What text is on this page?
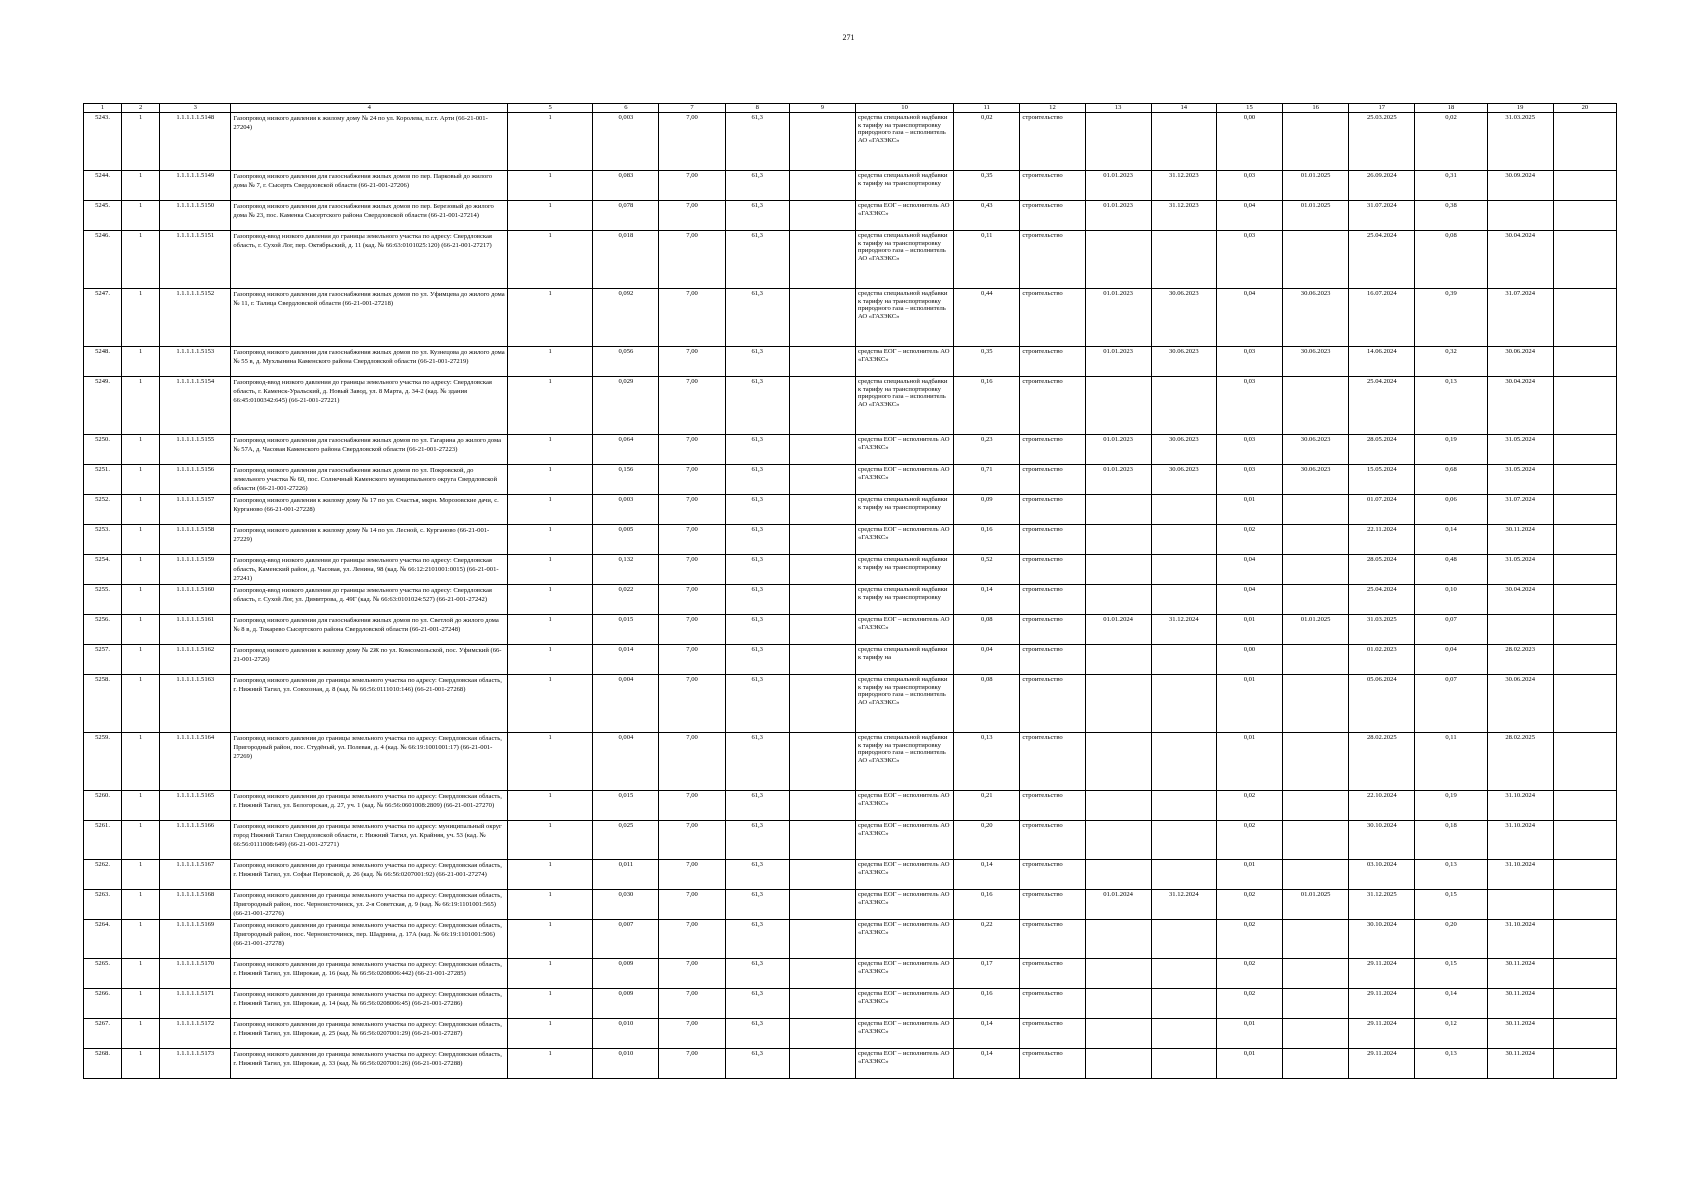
271
1	2	3	4	5	6	7	8	9	10	11	12	13	14	15	16	17	18	19	20
5243.	1	1.1.1.1.1.5148	Газопровод низкого давления к жилому дому № 24 по ул. Королева, п.г.т. Арти (66-21-001-27204)	1	0,003	7,00	61,3		средства специальной надбавки к тарифу на транспортировку природного газа – исполнитель АО «ГАЗЭКС»	0,02	строительство			0,00		25.03.2025	0,02	31.03.2025	
5244.	1	1.1.1.1.1.5149	Газопровод низкого давления для газоснабжения жилых домов по пер. Парковый до жилого дома № 7, г. Сысерть Свердловской области (66-21-001-27206)	1	0,083	7,00	61,3		средства специальной надбавки к тарифу на транспортировку	0,35	строительство	01.01.2023	31.12.2023	0,03	01.01.2025	26.09.2024	0,31	30.09.2024	
5245.	1	1.1.1.1.1.5150	Газопровод низкого давления для газоснабжения жилых домов по пер. Березовый до жилого дома № 23, пос. Каменка Сысертского района Свердловской области (66-21-001-27214)	1	0,078	7,00	61,3		средства ЕОГ – исполнитель АО «ГАЗЭКС»	0,43	строительство	01.01.2023	31.12.2023	0,04	01.01.2025	31.07.2024	0,38		
5246.	1	1.1.1.1.1.5151	Газопровод-ввод низкого давления до границы земельного участка по адресу: Свердловская область, г. Сухой Лог, пер. Октябрьский, д. 11 (кад. № 66:63:0101025:120) (66-21-001-27217)	1	0,018	7,00	61,3		средства специальной надбавки к тарифу на транспортировку природного газа – исполнитель АО «ГАЗЭКС»	0,11	строительство			0,03		25.04.2024	0,08	30.04.2024	
5247.	1	1.1.1.1.1.5152	Газопровод низкого давления для газоснабжения жилых домов по ул. Уфимцева до жилого дома № 11, г. Талица Свердловской области (66-21-001-27218)	1	0,092	7,00	61,3		средства специальной надбавки к тарифу на транспортировку природного газа – исполнитель АО «ГАЗЭКС»	0,44	строительство	01.01.2023	30.06.2023	0,04	30.06.2023	16.07.2024	0,39	31.07.2024	
5248.	1	1.1.1.1.1.5153	Газопровод низкого давления для газоснабжения жилых домов по ул. Кузнецова до жилого дома № 55 в, д. Мухлынина Каменского района Свердловской области (66-21-001-27219)	1	0,056	7,00	61,3		средства ЕОГ – исполнитель АО «ГАЗЭКС»	0,35	строительство	01.01.2023	30.06.2023	0,03	30.06.2023	14.06.2024	0,32	30.06.2024	
5249.	1	1.1.1.1.1.5154	Газопровод-ввод низкого давления до границы земельного участка по адресу: Свердловская область, г. Каменск-Уральский, д. Новый Завод, ул. 8 Марта, д. 34-2 (кад. № здания 66:45:0100342:645) (66-21-001-27221)	1	0,029	7,00	61,3		средства специальной надбавки к тарифу на транспортировку природного газа – исполнитель АО «ГАЗЭКС»	0,16	строительство			0,03		25.04.2024	0,13	30.04.2024	
5250.	1	1.1.1.1.1.5155	Газопровод низкого давления для газоснабжения жилых домов по ул. Гагарина до жилого дома № 57А, д. Часовая Каменского района Свердловской области (66-21-001-27223)	1	0,064	7,00	61,3		средства ЕОГ – исполнитель АО «ГАЗЭКС»	0,23	строительство	01.01.2023	30.06.2023	0,03	30.06.2023	28.05.2024	0,19	31.05.2024	
5251.	1	1.1.1.1.1.5156	Газопровод низкого давления для газоснабжения жилых домов по ул. Покровской, до земельного участка № 60, пос. Солнечный Каменского муниципального округа Свердловской области (66-21-001-27226)	1	0,156	7,00	61,3		средства ЕОГ – исполнитель АО «ГАЗЭКС»	0,71	строительство	01.01.2023	30.06.2023	0,03	30.06.2023	15.05.2024	0,68	31.05.2024	
5252.	1	1.1.1.1.1.5157	Газопровод низкого давления к жилому дому № 17 по ул. Счастья, мкрн. Морозовские дачи, с. Курганово (66-21-001-27228)	1	0,003	7,00	61,3		средства специальной надбавки к тарифу на транспортировку	0,09	строительство			0,01		01.07.2024	0,06	31.07.2024	
5253.	1	1.1.1.1.1.5158	Газопровод низкого давления к жилому дому № 14 по ул. Лесной, с. Курганово (66-21-001-27229)	1	0,005	7,00	61,3		средства ЕОГ – исполнитель АО «ГАЗЭКС»	0,16	строительство			0,02		22.11.2024	0,14	30.11.2024	
5254.	1	1.1.1.1.1.5159	Газопровод-ввод низкого давления до границы земельного участка по адресу: Свердловская область, Каменский район, д. Часовая, ул. Ленина, 98 (кад. № 66:12:2101001:0015) (66-21-001-27241)	1	0,132	7,00	61,3		средства специальной надбавки к тарифу на транспортировку	0,52	строительство			0,04		28.05.2024	0,48	31.05.2024	
5255.	1	1.1.1.1.1.5160	Газопровод-ввод низкого давления до границы земельного участка по адресу: Свердловская область, г. Сухой Лог, ул. Димитрова, д. 49Г (кад. № 66:63:0101024:527) (66-21-001-27242)	1	0,022	7,00	61,3		средства специальной надбавки к тарифу на транспортировку	0,14	строительство			0,04		25.04.2024	0,10	30.04.2024	
5256.	1	1.1.1.1.1.5161	Газопровод низкого давления для газоснабжения жилых домов по ул. Светлой до жилого дома № 8 в, д. Токарево Сысертского района Свердловской области (66-21-001-27248)	1	0,015	7,00	61,3		средства ЕОГ – исполнитель АО «ГАЗЭКС»	0,08	строительство	01.01.2024	31.12.2024	0,01	01.01.2025	31.03.2025	0,07		
5257.	1	1.1.1.1.1.5162	Газопровод низкого давления к жилому дому № 2Ж по ул. Комсомольской, пос. Уфимский (66-21-001-2726)	1	0,014	7,00	61,3		средства специальной надбавки к тарифу на	0,04	строительство			0,00		01.02.2023	0,04	28.02.2023	
5258.	1	1.1.1.1.1.5163	Газопровод низкого давления до границы земельного участка по адресу: Свердловская область, г. Нижний Тагил, ул. Совхозная, д. 8 (кад. № 66:56:0111010:146) (66-21-001-27268)	1	0,004	7,00	61,3		средства специальной надбавки к тарифу на транспортировку природного газа – исполнитель АО «ГАЗЭКС»	0,08	строительство			0,01		05.06.2024	0,07	30.06.2024	
5259.	1	1.1.1.1.1.5164	Газопровод низкого давления до границы земельного участка по адресу: Свердловская область, Пригородный район, пос. Студёный, ул. Полевая, д. 4 (кад. № 66:19:1001001:17) (66-21-001-27269)	1	0,004	7,00	61,3		средства специальной надбавки к тарифу на транспортировку природного газа – исполнитель АО «ГАЗЭКС»	0,13	строительство			0,01		28.02.2025	0,11	28.02.2025	
5260.	1	1.1.1.1.1.5165	Газопровод низкого давления до границы земельного участка по адресу: Свердловская область, г. Нижний Тагил, ул. Белогорская, д. 27, уч. 1 (кад. № 66:56:0601008:2809) (66-21-001-27270)	1	0,015	7,00	61,3		средства ЕОГ – исполнитель АО «ГАЗЭКС»	0,21	строительство			0,02		22.10.2024	0,19	31.10.2024	
5261.	1	1.1.1.1.1.5166	Газопровод низкого давления до границы земельного участка по адресу: муниципальный округ город Нижний Тагил Свердловской области, г. Нижний Тагил, ул. Крайняя, уч. 53 (кад. № 66:56:0111008:649) (66-21-001-27271)	1	0,025	7,00	61,3		средства ЕОГ – исполнитель АО «ГАЗЭКС»	0,20	строительство			0,02		30.10.2024	0,18	31.10.2024	
5262.	1	1.1.1.1.1.5167	Газопровод низкого давления до границы земельного участка по адресу: Свердловская область, г. Нижний Тагил, ул. Софьи Перовской, д. 26 (кад. № 66:56:0207001:92) (66-21-001-27274)	1	0,011	7,00	61,3		средства ЕОГ – исполнитель АО «ГАЗЭКС»	0,14	строительство			0,01		03.10.2024	0,13	31.10.2024	
5263.	1	1.1.1.1.1.5168	Газопровод низкого давления до границы земельного участка по адресу: Свердловская область, Пригородный район, пос. Черноисточинск, ул. 2-я Советская, д. 9 (кад. № 66:19:1101001:565) (66-21-001-27276)	1	0,030	7,00	61,3		средства ЕОГ – исполнитель АО «ГАЗЭКС»	0,16	строительство	01.01.2024	31.12.2024	0,02	01.01.2025	31.12.2025	0,15		
5264.	1	1.1.1.1.1.5169	Газопровод низкого давления до границы земельного участка по адресу: Свердловская область, Пригородный район, пос. Черноисточинск, пер. Шадрина, д. 17А (кад. № 66:19:1101001:506) (66-21-001-27278)	1	0,007	7,00	61,3		средства ЕОГ – исполнитель АО «ГАЗЭКС»	0,22	строительство			0,02		30.10.2024	0,20	31.10.2024	
5265.	1	1.1.1.1.1.5170	Газопровод низкого давления до границы земельного участка по адресу: Свердловская область, г. Нижний Тагил, ул. Широкая, д. 16 (кад. № 66:56:0208006:442) (66-21-001-27285)	1	0,009	7,00	61,3		средства ЕОГ – исполнитель АО «ГАЗЭКС»	0,17	строительство			0,02		29.11.2024	0,15	30.11.2024	
5266.	1	1.1.1.1.1.5171	Газопровод низкого давления до границы земельного участка по адресу: Свердловская область, г. Нижний Тагил, ул. Широкая, д. 14 (кад. № 66:56:0208006:45) (66-21-001-27286)	1	0,009	7,00	61,3		средства ЕОГ – исполнитель АО «ГАЗЭКС»	0,16	строительство			0,02		29.11.2024	0,14	30.11.2024	
5267.	1	1.1.1.1.1.5172	Газопровод низкого давления до границы земельного участка по адресу: Свердловская область, г. Нижний Тагил, ул. Широкая, д. 25 (кад. № 66:56:0207001:29) (66-21-001-27287)	1	0,010	7,00	61,3		средства ЕОГ – исполнитель АО «ГАЗЭКС»	0,14	строительство			0,01		29.11.2024	0,12	30.11.2024	
5268.	1	1.1.1.1.1.5173	Газопровод низкого давления до границы земельного участка по адресу: Свердловская область, г. Нижний Тагил, ул. Широкая, д. 33 (кад. № 66:56:0207001:26) (66-21-001-27288)	1	0,010	7,00	61,3		средства ЕОГ – исполнитель АО «ГАЗЭКС»	0,14	строительство			0,01		29.11.2024	0,13	30.11.2024	
